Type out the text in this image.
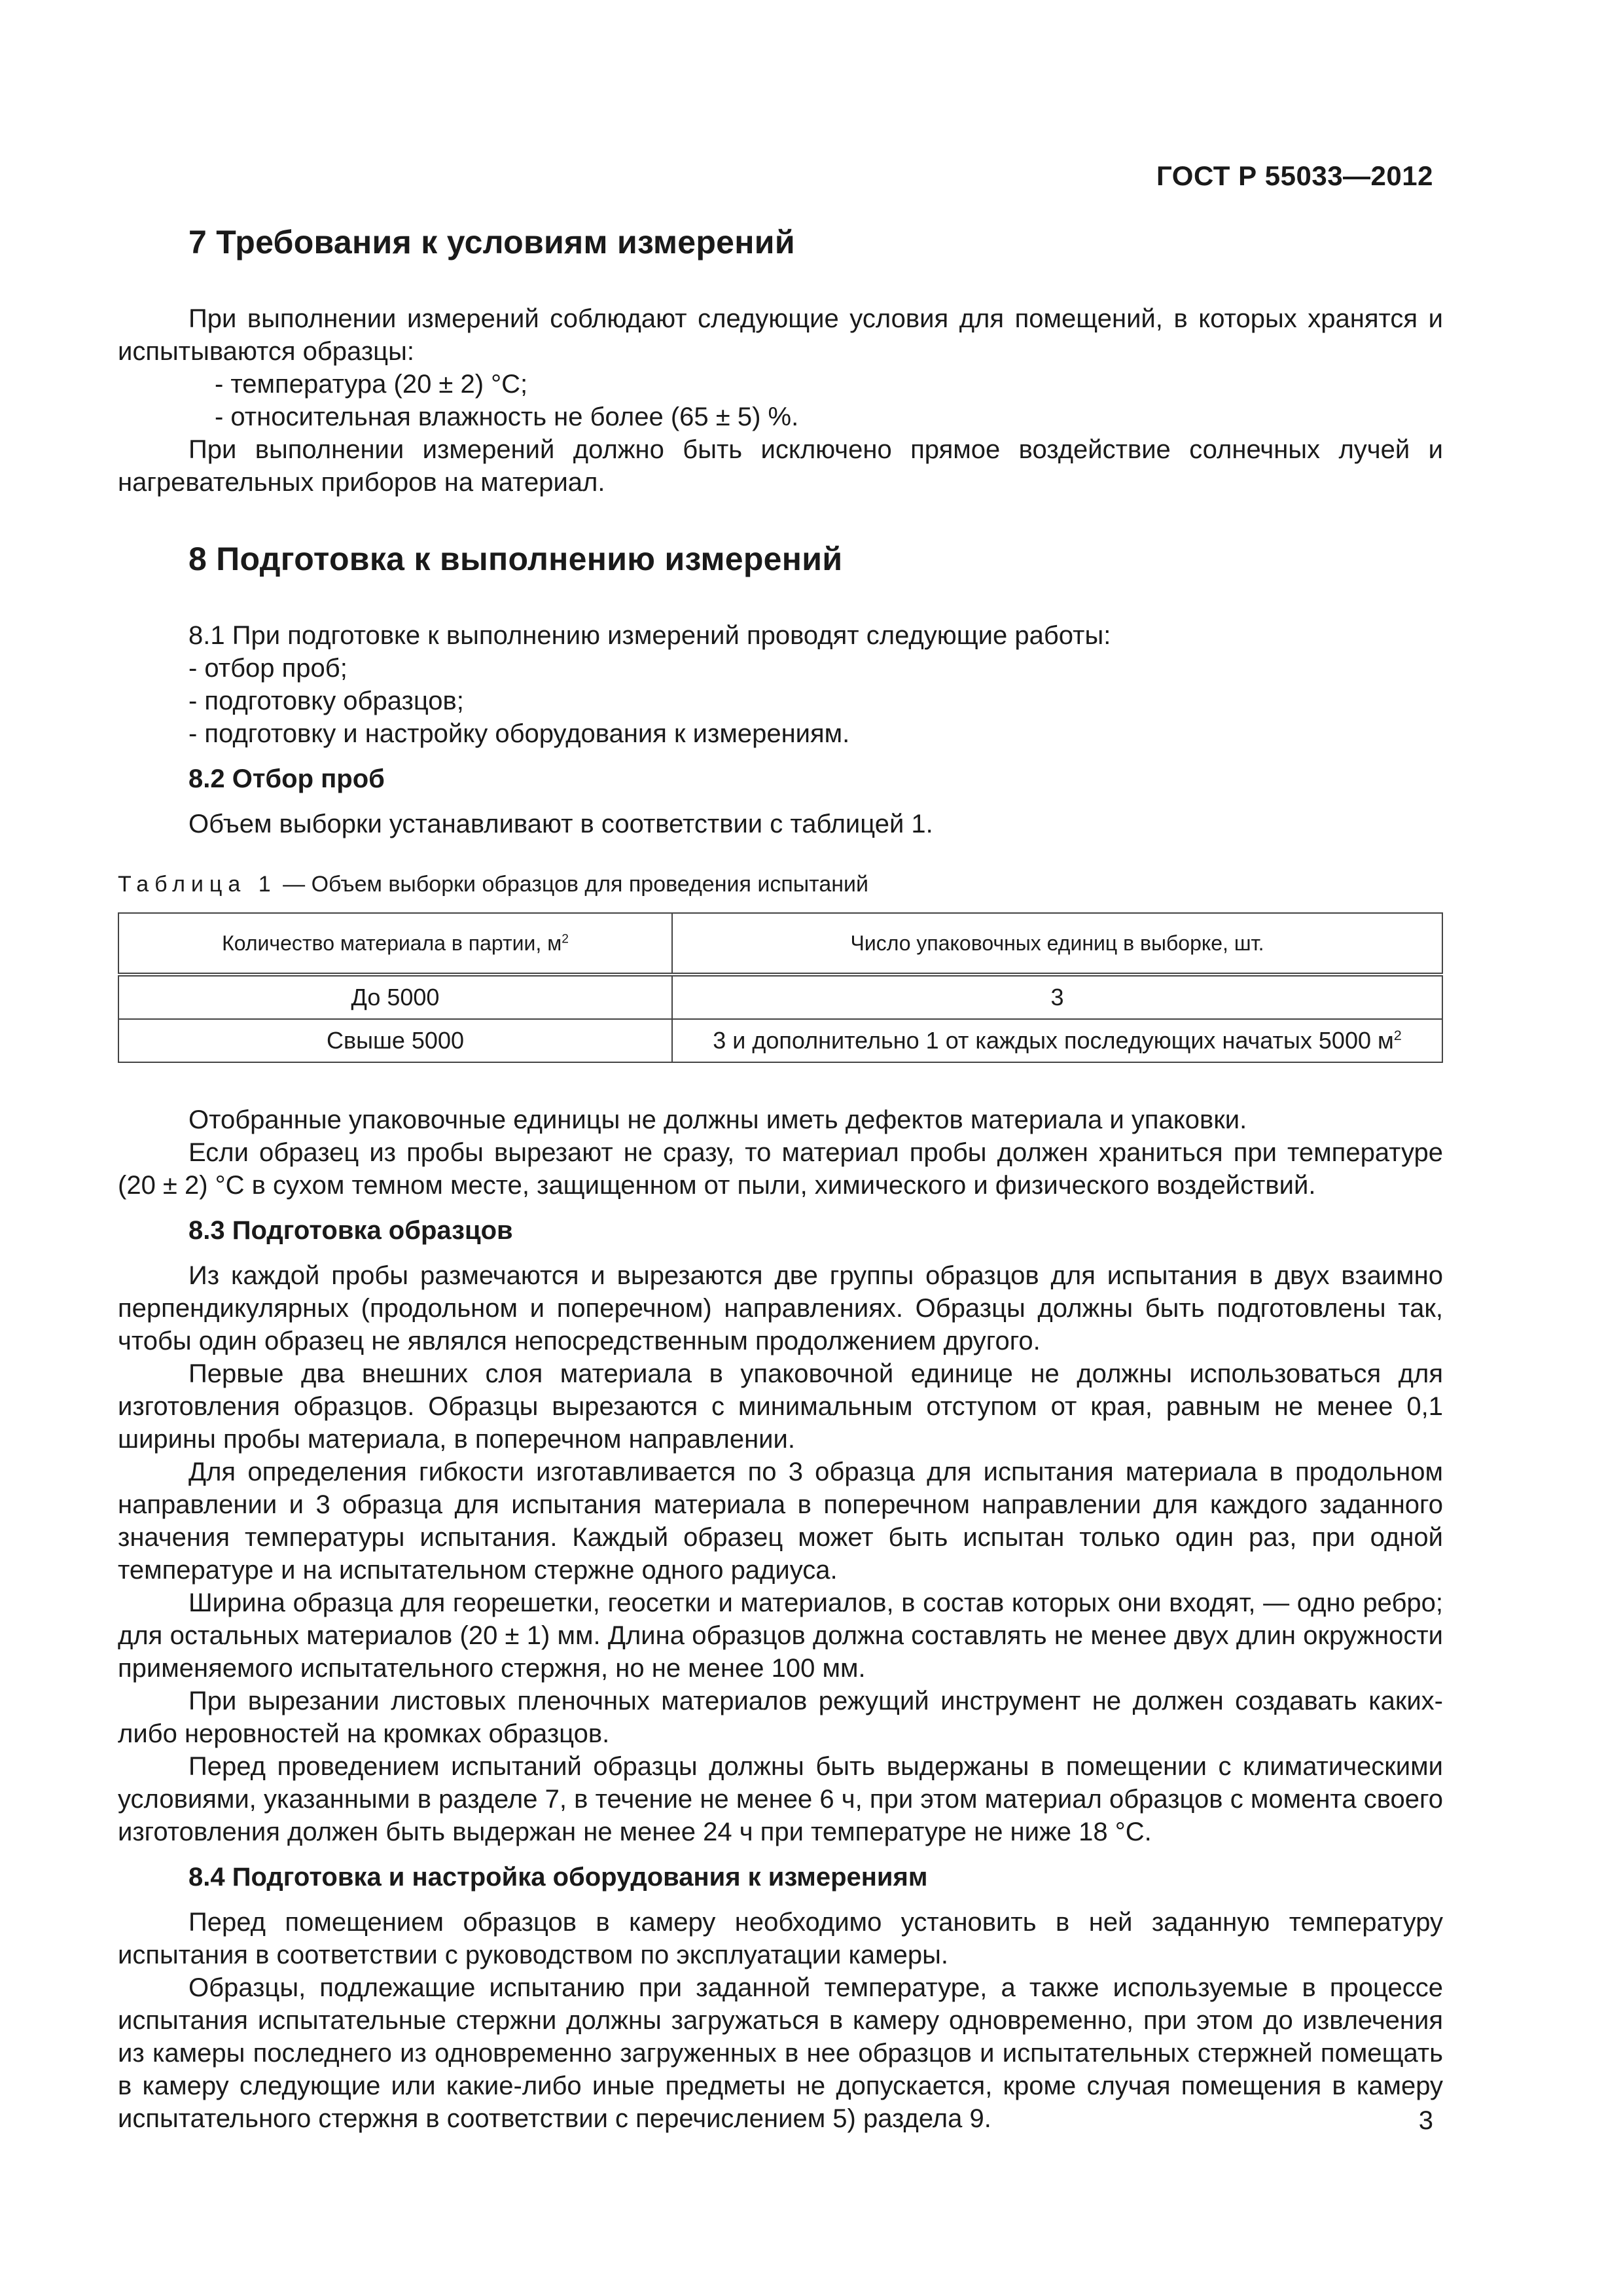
ГОСТ Р 55033—2012
7 Требования к условиям измерений

При выполнении измерений соблюдают следующие условия для помещений, в которых хранятся и испытываются образцы:

- температура (20 ± 2) °С;
- относительная влажность не более (65 ± 5) %.

При выполнении измерений должно быть исключено прямое воздействие солнечных лучей и нагревательных приборов на материал.

8 Подготовка к выполнению измерений

8.1 При подготовке к выполнению измерений проводят следующие работы:

- отбор проб;
- подготовку образцов;
- подготовку и настройку оборудования к измерениям.
8.2 Отбор проб

Объем выборки устанавливают в соответствии с таблицей 1.

Таблица 1 — Объем выборки образцов для проведения испытаний
Количество материала в партии, $м^2$	Число упаковочных единиц в выборке, шт.
До 5000	3
Свыше 5000	3 и дополнительно 1 от каждых последующих начатых 5000 $м^2$

Отобранные упаковочные единицы не должны иметь дефектов материала и упаковки.

Если образец из пробы вырезают не сразу, то материал пробы должен храниться при температуре (20 ± 2) °С в сухом темном месте, защищенном от пыли, химического и физического воздействий.

8.3 Подготовка образцов

Из каждой пробы размечаются и вырезаются две группы образцов для испытания в двух взаимно перпендикулярных (продольном и поперечном) направлениях. Образцы должны быть подготовлены так, чтобы один образец не являлся непосредственным продолжением другого.

Первые два внешних слоя материала в упаковочной единице не должны использоваться для изготовления образцов. Образцы вырезаются с минимальным отступом от края, равным не менее 0,1 ширины пробы материала, в поперечном направлении.

Для определения гибкости изготавливается по 3 образца для испытания материала в продольном направлении и 3 образца для испытания материала в поперечном направлении для каждого заданного значения температуры испытания. Каждый образец может быть испытан только один раз, при одной температуре и на испытательном стержне одного радиуса.

Ширина образца для георешетки, геосетки и материалов, в состав которых они входят, — одно ребро; для остальных материалов (20 ± 1) мм. Длина образцов должна составлять не менее двух длин окружности применяемого испытательного стержня, но не менее 100 мм.

При вырезании листовых пленочных материалов режущий инструмент не должен создавать каких-либо неровностей на кромках образцов.

Перед проведением испытаний образцы должны быть выдержаны в помещении с климатическими условиями, указанными в разделе 7, в течение не менее 6 ч, при этом материал образцов с момента своего изготовления должен быть выдержан не менее 24 ч при температуре не ниже 18 °С.

8.4 Подготовка и настройка оборудования к измерениям

Перед помещением образцов в камеру необходимо установить в ней заданную температуру испытания в соответствии с руководством по эксплуатации камеры.

Образцы, подлежащие испытанию при заданной температуре, а также используемые в процессе испытания испытательные стержни должны загружаться в камеру одновременно, при этом до извлечения из камеры последнего из одновременно загруженных в нее образцов и испытательных стержней помещать в камеру следующие или какие-либо иные предметы не допускается, кроме случая помещения в камеру испытательного стержня в соответствии с перечислением 5) раздела 9.	3
